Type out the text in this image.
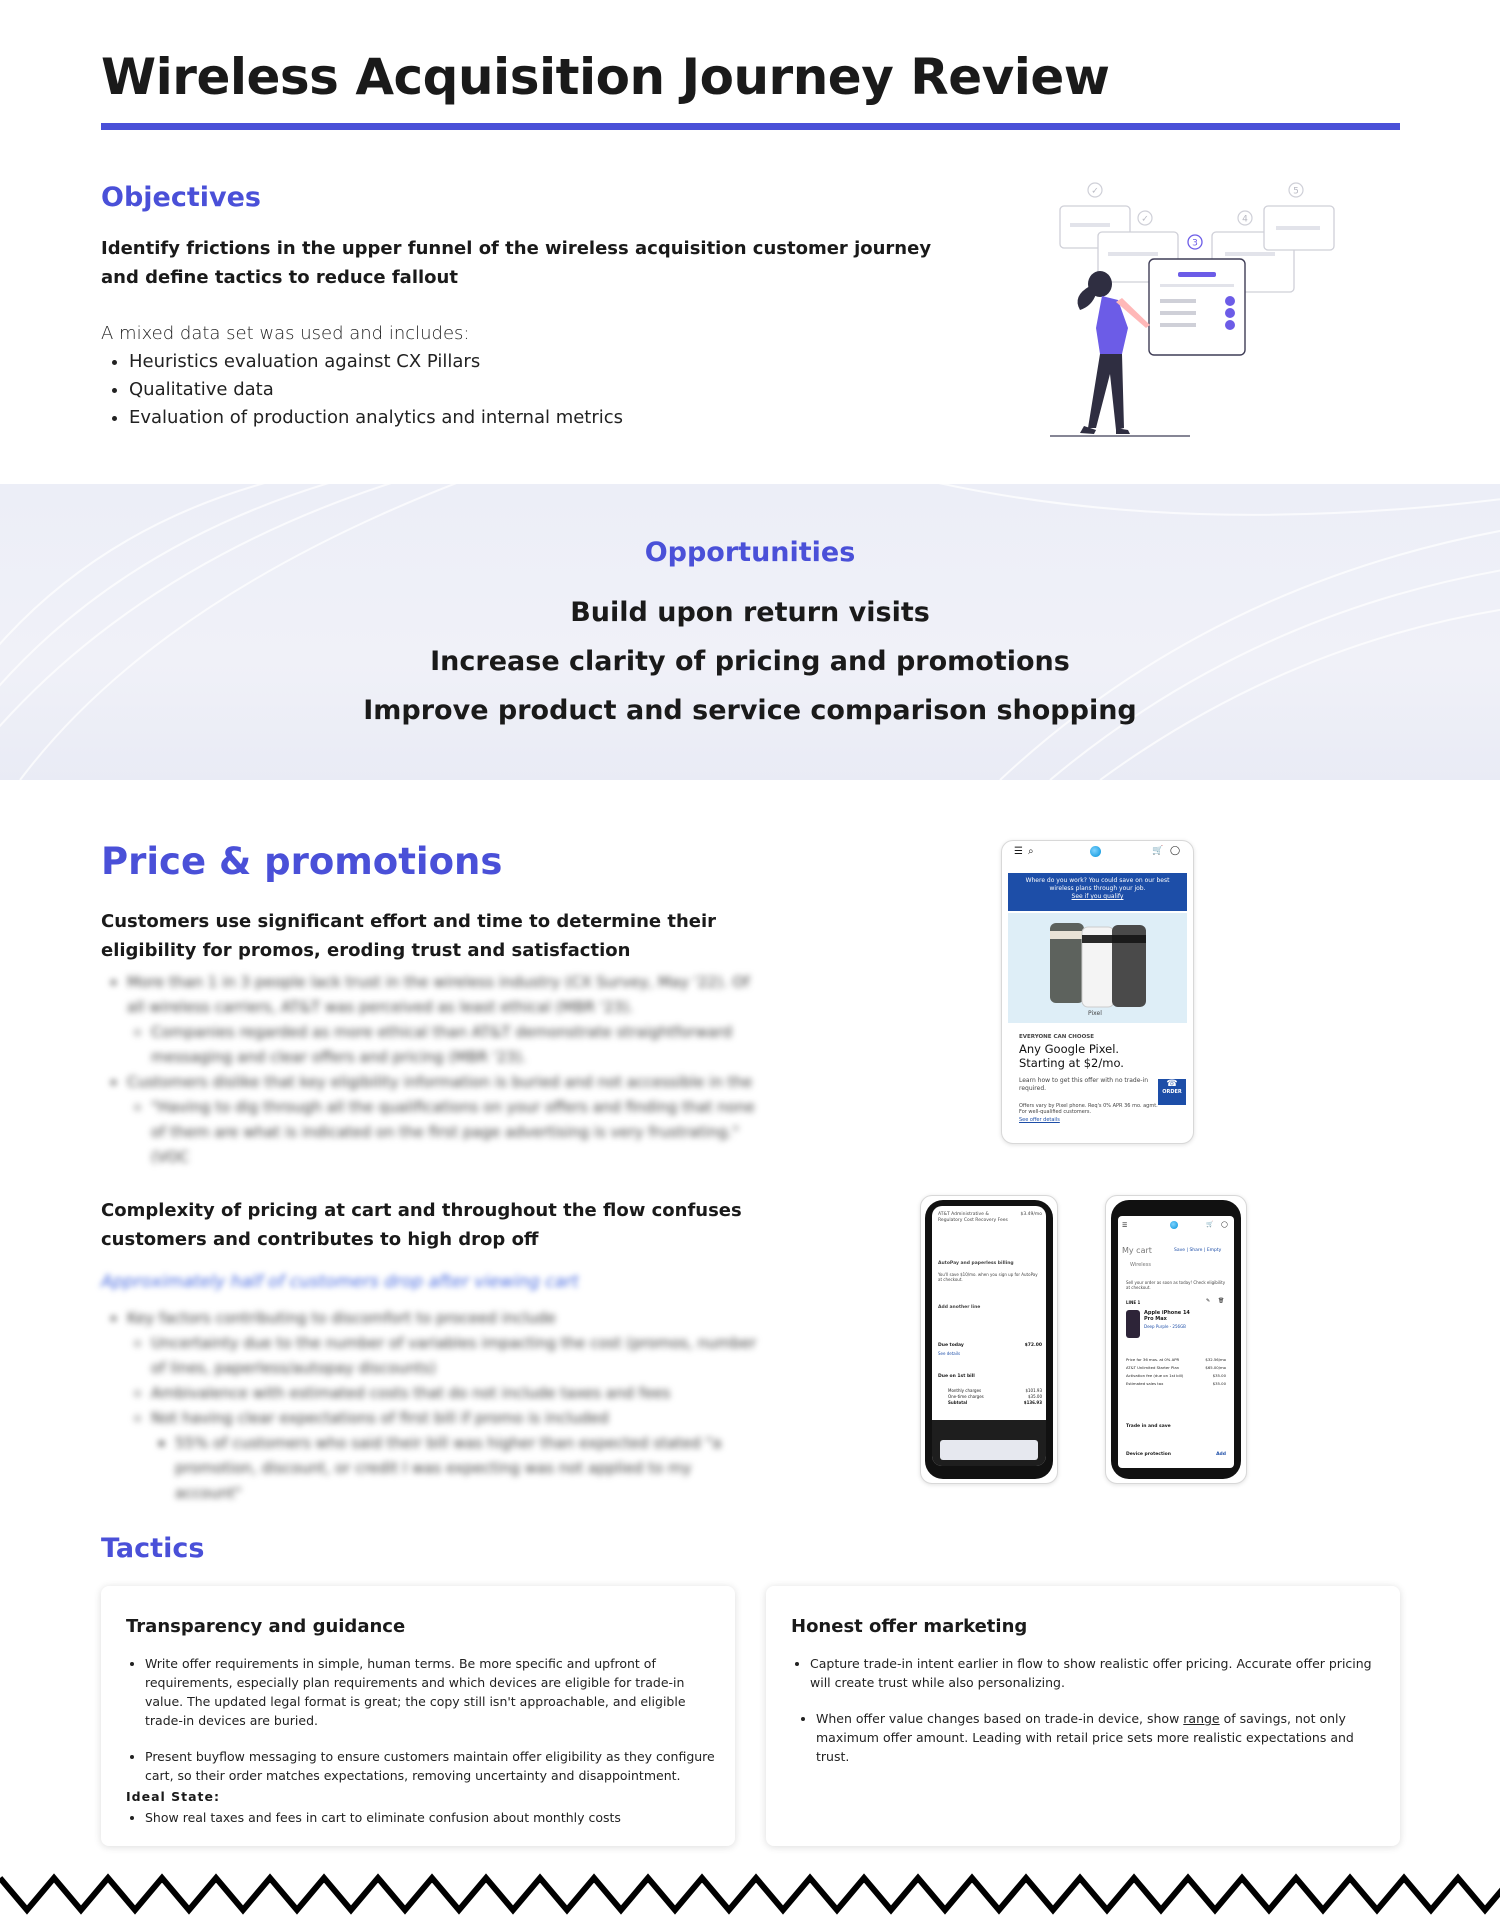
Wireless Acquisition Journey Review
Objectives

Identify frictions in the upper funnel of the wireless acquisition customer journey and define tactics to reduce fallout

A mixed data set was used and includes:

• Heuristics evaluation against CX Pillars
• Qualitative data
• Evaluation of production analytics and internal metrics
✓
✓
3
4
5
Opportunities
Build upon return visits
Increase clarity of pricing and promotions
Improve product and service comparison shopping
Price & promotions

Customers use significant effort and time to determine their eligibility for promos, eroding trust and satisfaction

• More than 1 in 3 people lack trust in the wireless industry (CX Survey, May '22). Of all wireless carriers, AT&T was perceived as least ethical (MBR '23).
◦ Companies regarded as more ethical than AT&T demonstrate straightforward messaging and clear offers and pricing (MBR '23).
• Customers dislike that key eligibility information is buried and not accessible in the
◦ "Having to dig through all the qualifications on your offers and finding that none of them are what is indicated on the first page advertising is very frustrating." (VOC

Complexity of pricing at cart and throughout the flow confuses customers and contributes to high drop off

Approximately half of customers drop after viewing cart
• Key factors contributing to discomfort to proceed include
◦ Uncertainty due to the number of variables impacting the cost (promos, number of lines, paperless/autopay discounts)
◦ Ambivalence with estimated costs that do not include taxes and fees
◦ Not having clear expectations of first bill if promo is included
▪ 55% of customers who said their bill was higher than expected stated "a promotion, discount, or credit I was expecting was not applied to my account"
☰ ⌕	🛒 ◯
Where do you work? You could save on our best wireless plans through your job.
See if you qualify
Pixel
EVERYONE CAN CHOOSE
Any Google Pixel. Starting at $2/mo.
Learn how to get this offer with no trade-in required.	☎
ORDER
Offers vary by Pixel phone. Req's 0% APR 36 mo. agmt. For well-qualified customers.
See offer details
AT&T Administrative & Regulatory Cost Recovery Fees
$3.49/mo
AutoPay and paperless billing
You'll save $10/mo. when you sign up for AutoPay at checkout.
Add another line
Due today	$72.00
See details
Due on 1st bill
Monthly charges	$101.93
One-time charges	$35.00
Subtotal	$136.93
☰	🛒 ◯
My cart	Save | Share | Empty
Wireless
Sell your order as soon as today! Check eligibility at checkout.
LINE 1	✎ 🗑
Apple iPhone 14 Pro Max
Deep Purple - 256GB
Price for 36 mos. at 0% APR	$32.56/mo
AT&T Unlimited Starter Plan	$65.00/mo
Activation fee (due on 1st bill)	$35.00
Estimated sales tax	$35.00
Trade in and save
Device protection	Add
Tactics
Transparency and guidance
• Write offer requirements in simple, human terms. Be more specific and upfront of requirements, especially plan requirements and which devices are eligible for trade-in value. The updated legal format is great; the copy still isn't approachable, and eligible trade-in devices are buried.
• Present buyflow messaging to ensure customers maintain offer eligibility as they configure cart, so their order matches expectations, removing uncertainty and disappointment.
Ideal State:
• Show real taxes and fees in cart to eliminate confusion about monthly costs
Honest offer marketing
• Capture trade-in intent earlier in flow to show realistic offer pricing. Accurate offer pricing will create trust while also personalizing.
• When offer value changes based on trade-in device, show range of savings, not only maximum offer amount. Leading with retail price sets more realistic expectations and trust.
